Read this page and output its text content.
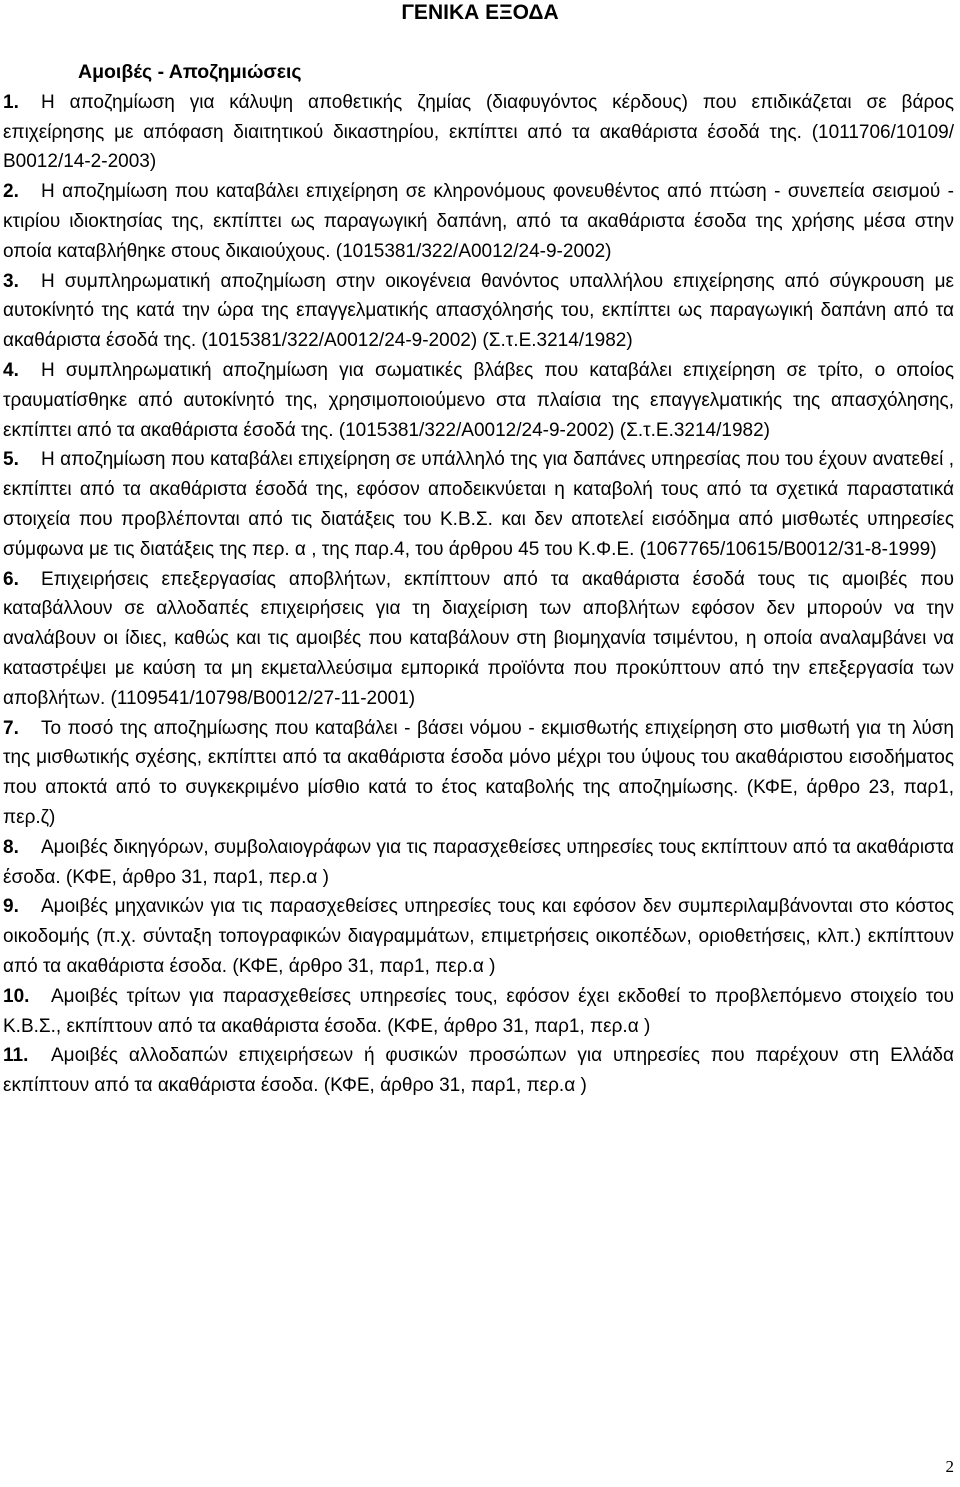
ΓΕΝΙΚΑ ΕΞΟΔΑ

Αμοιβές - Αποζημιώσεις

1. Η αποζημίωση για κάλυψη αποθετικής ζημίας (διαφυγόντος κέρδους) που επιδικάζεται σε βάρος επιχείρησης με απόφαση διαιτητικού δικαστηρίου, εκπίπτει από τα ακαθάριστα έσοδά της. (1011706/10109/Β0012/14-2-2003)

2. Η αποζημίωση που καταβάλει επιχείρηση σε κληρονόμους φονευθέντος από πτώση - συνεπεία σεισμού - κτιρίου ιδιοκτησίας της, εκπίπτει ως παραγωγική δαπάνη, από τα ακαθάριστα έσοδα της χρήσης μέσα στην οποία καταβλήθηκε στους δικαιούχους. (1015381/322/Α0012/24-9-2002)

3. Η συμπληρωματική αποζημίωση στην οικογένεια θανόντος υπαλλήλου επιχείρησης από σύγκρουση με αυτοκίνητό της κατά την ώρα της επαγγελματικής απασχόλησής του, εκπίπτει ως παραγωγική δαπάνη από τα ακαθάριστα έσοδά της. (1015381/322/Α0012/24-9-2002) (Σ.τ.Ε.3214/1982)

4. Η συμπληρωματική αποζημίωση για σωματικές βλάβες που καταβάλει επιχείρηση σε τρίτο, ο οποίος τραυματίσθηκε από αυτοκίνητό της, χρησιμοποιούμενο στα πλαίσια της επαγγελματικής της απασχόλησης, εκπίπτει από τα ακαθάριστα έσοδά της. (1015381/322/Α0012/24-9-2002) (Σ.τ.Ε.3214/1982)

5. Η αποζημίωση που καταβάλει επιχείρηση σε υπάλληλό της για δαπάνες υπηρεσίας που του έχουν ανατεθεί , εκπίπτει από τα ακαθάριστα έσοδά της, εφόσον αποδεικνύεται η καταβολή τους από τα σχετικά παραστατικά στοιχεία που προβλέπονται από τις διατάξεις του Κ.Β.Σ. και δεν αποτελεί εισόδημα από μισθωτές υπηρεσίες σύμφωνα με τις διατάξεις της περ. α , της παρ.4, του άρθρου 45 του Κ.Φ.Ε. (1067765/10615/Β0012/31-8-1999)

6. Επιχειρήσεις επεξεργασίας αποβλήτων, εκπίπτουν από τα ακαθάριστα έσοδά τους τις αμοιβές που καταβάλλουν σε αλλοδαπές επιχειρήσεις για τη διαχείριση των αποβλήτων εφόσον δεν μπορούν να την αναλάβουν οι ίδιες, καθώς και τις αμοιβές που καταβάλουν στη βιομηχανία τσιμέντου, η οποία αναλαμβάνει να καταστρέψει με καύση τα μη εκμεταλλεύσιμα εμπορικά προϊόντα που προκύπτουν από την επεξεργασία των αποβλήτων. (1109541/10798/Β0012/27-11-2001)

7. Το ποσό της αποζημίωσης που καταβάλει - βάσει νόμου - εκμισθωτής επιχείρηση στο μισθωτή για τη λύση της μισθωτικής σχέσης, εκπίπτει από τα ακαθάριστα έσοδα μόνο μέχρι του ύψους του ακαθάριστου εισοδήματος που αποκτά από το συγκεκριμένο μίσθιο κατά το έτος καταβολής της αποζημίωσης. (ΚΦΕ, άρθρο 23, παρ1, περ.ζ)

8. Αμοιβές δικηγόρων, συμβολαιογράφων για τις παρασχεθείσες υπηρεσίες τους εκπίπτουν από τα ακαθάριστα έσοδα. (ΚΦΕ, άρθρο 31, παρ1, περ.α )

9. Αμοιβές μηχανικών για τις παρασχεθείσες υπηρεσίες τους και εφόσον δεν συμπεριλαμβάνονται στο κόστος οικοδομής (π.χ. σύνταξη τοπογραφικών διαγραμμάτων, επιμετρήσεις οικοπέδων, οριοθετήσεις, κλπ.) εκπίπτουν από τα ακαθάριστα έσοδα. (ΚΦΕ, άρθρο 31, παρ1, περ.α )

10. Αμοιβές τρίτων για παρασχεθείσες υπηρεσίες τους, εφόσον έχει εκδοθεί το προβλεπόμενο στοιχείο του Κ.Β.Σ., εκπίπτουν από τα ακαθάριστα έσοδα. (ΚΦΕ, άρθρο 31, παρ1, περ.α )

11. Αμοιβές αλλοδαπών επιχειρήσεων ή φυσικών προσώπων για υπηρεσίες που παρέχουν στη Ελλάδα εκπίπτουν από τα ακαθάριστα έσοδα. (ΚΦΕ, άρθρο 31, παρ1, περ.α )

2
